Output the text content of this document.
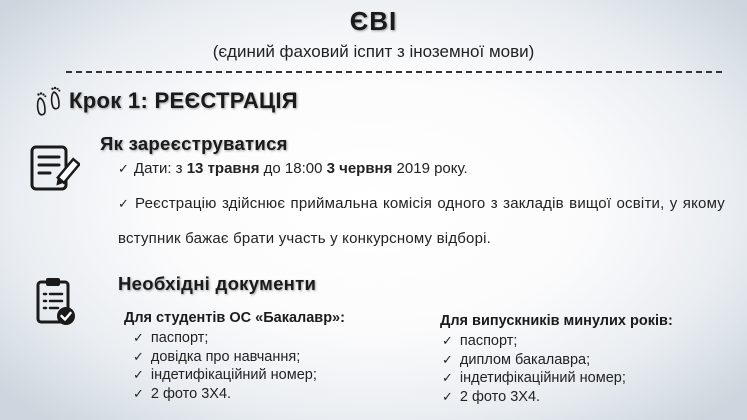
ЄВІ
(єдиний фаховий іспит з іноземної мови)
Крок 1: РЕЄСТРАЦІЯ
Як зареєструватися
✓ Дати: з 13 травня до 18:00 3 червня 2019 року.
✓ Реєстрацію здійснює приймальна комісія одного з закладів вищої освіти, у якому вступник бажає брати участь у конкурсному відборі.
Необхідні документи
Для студентів ОС «Бакалавр»:
✓ паспорт;
✓ довідка про навчання;
✓ індетифікаційний номер;
✓ 2 фото 3Х4.
Для випускників минулих років:
✓ паспорт;
✓ диплом бакалавра;
✓ індетифікаційний номер;
✓ 2 фото 3Х4.
